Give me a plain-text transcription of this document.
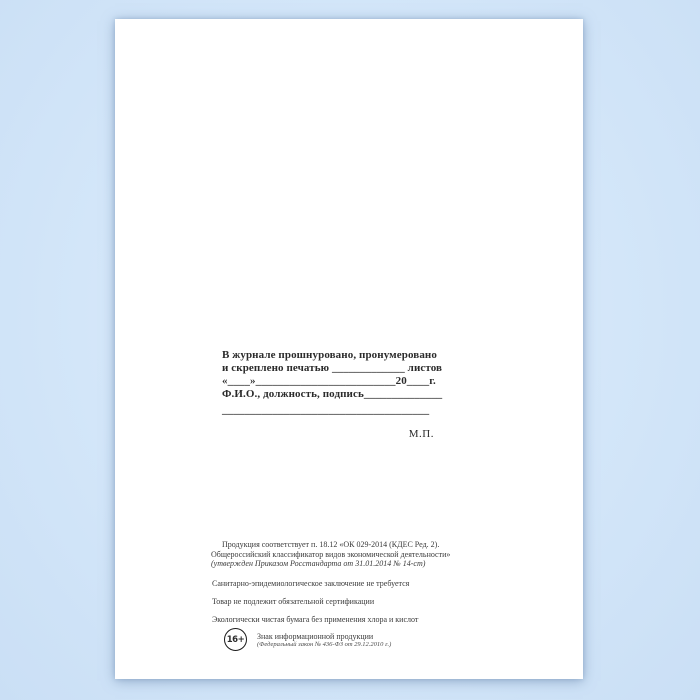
В журнале прошнуровано, пронумеровано
и скреплено печатью _____________ листов
«____»_________________________20____г.
Ф.И.О., должность, подпись______________
_____________________________________
М.П.
Продукция соответствует п. 18.12 «ОК 029-2014 (КДЕС Ред. 2).
Общероссийский классификатор видов экономической деятельности»
(утвержден Приказом Росстандарта от 31.01.2014 № 14-ст)
Санитарно-эпидемиологическое заключение не требуется
Товар не подлежит обязательной сертификации
Экологически чистая бумага без применения хлора и кислот
16+	Знак информационной продукции
(Федеральный закон № 436-ФЗ от 29.12.2010 г.)
